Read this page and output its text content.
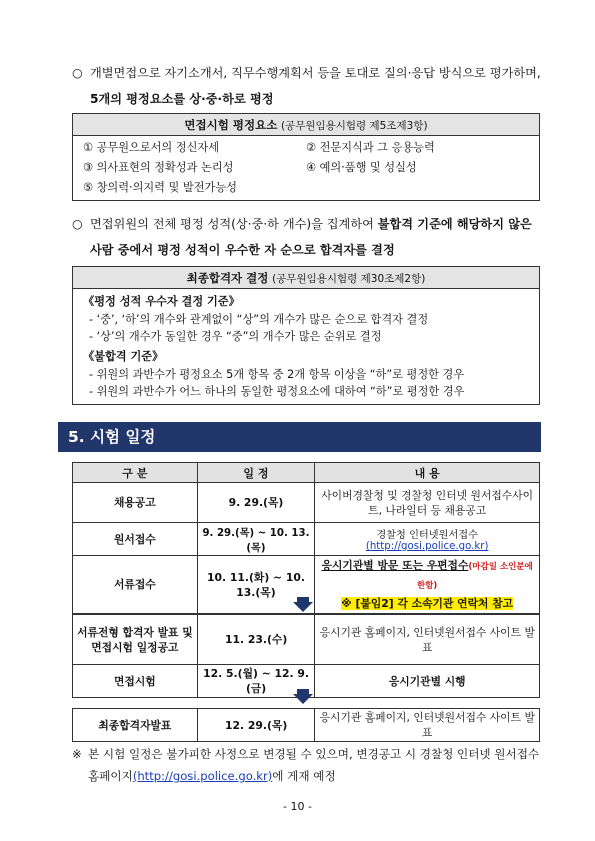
○ 개별면접으로 자기소개서, 직무수행계획서 등을 토대로 질의·응답 방식으로 평가하며, 5개의 평정요소를 상·중·하로 평정
면접시험 평정요소 (공무원임용시험령 제5조제3항)
① 공무원으로서의 정신자세	② 전문지식과 그 응용능력
③ 의사표현의 정확성과 논리성	④ 예의·품행 및 성실성
⑤ 창의력·의지력 및 발전가능성
○ 면접위원의 전체 평정 성적(상·중·하 개수)을 집계하여 불합격 기준에 해당하지 않은 사람 중에서 평정 성적이 우수한 자 순으로 합격자를 결정
최종합격자 결정 (공무원임용시험령 제30조제2항)
《평정 성적 우수자 결정 기준》
- ‘중’, ‘하’의 개수와 관계없이 “상”의 개수가 많은 순으로 합격자 결정
- ‘상’의 개수가 동일한 경우 “중”의 개수가 많은 순위로 결정
《불합격 기준》
- 위원의 과반수가 평정요소 5개 항목 중 2개 항목 이상을 “하”로 평정한 경우
- 위원의 과반수가 어느 하나의 동일한 평정요소에 대하여 “하”로 평정한 경우
5. 시험 일정
구 분	일 정	내 용
채용공고	9. 29.(목)	사이버경찰청 및 경찰청 인터넷 원서접수사이트, 나라일터 등 채용공고
원서접수	9. 29.(목) ~ 10. 13.(목)	경찰청 인터넷원서접수(http://gosi.police.go.kr)
서류접수	10. 11.(화) ~ 10. 13.(목)	응시기관별 방문 또는 우편접수(마감일 소인분에 한함)
※ [붙임2] 각 소속기관 연락처 참고
서류전형 합격자 발표 및 면접시험 일정공고	11. 23.(수)	응시기관 홈페이지, 인터넷원서접수 사이트 발표
면접시험	12. 5.(월) ~ 12. 9.(금)	응시기관별 시행
최종합격자발표	12. 29.(목)	응시기관 홈페이지, 인터넷원서접수 사이트 발표
※ 본 시험 일정은 불가피한 사정으로 변경될 수 있으며, 변경공고 시 경찰청 인터넷 원서접수 홈페이지(http://gosi.police.go.kr)에 게재 예정
- 10 -
